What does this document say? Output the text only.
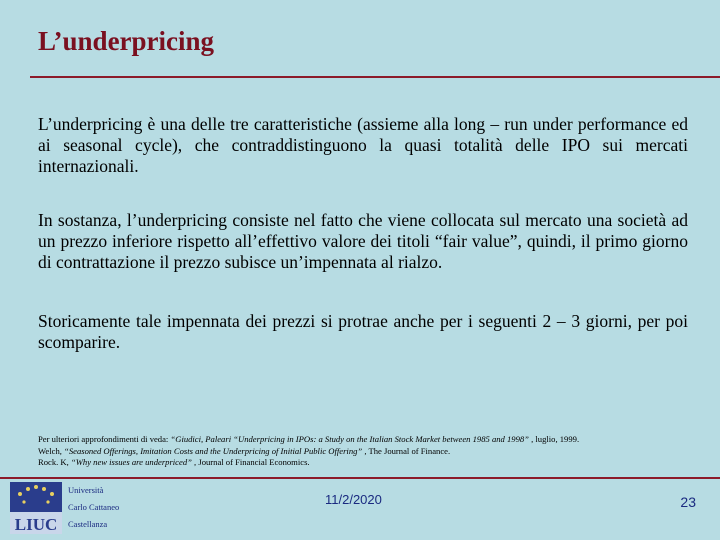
L’underpricing
L’underpricing è una delle tre caratteristiche (assieme alla long – run under performance ed ai seasonal cycle), che contraddistinguono la quasi totalità delle IPO sui mercati internazionali.
In sostanza, l’underpricing consiste nel fatto che viene collocata sul mercato una società ad un prezzo inferiore rispetto all’effettivo valore dei titoli “fair value”, quindi, il primo giorno di contrattazione il prezzo subisce un’impennata al rialzo.
Storicamente tale impennata dei prezzi si protrae anche per i seguenti 2 – 3 giorni, per poi scomparire.
Per ulteriori approfondimenti di veda: “Giudici, Paleari “Underpricing in IPOs: a Study on the Italian Stock Market between 1985 and 1998” , luglio, 1999.
Welch, “Seasoned Offerings, Imitation Costs and the Underpricing of Initial Public Offering” , The Journal of Finance.
Rock. K, “Why new issues are underpriced” , Journal of Financial Economics.
LIUC
Università
Carlo Cattaneo
Castellanza
11/2/2020	23
